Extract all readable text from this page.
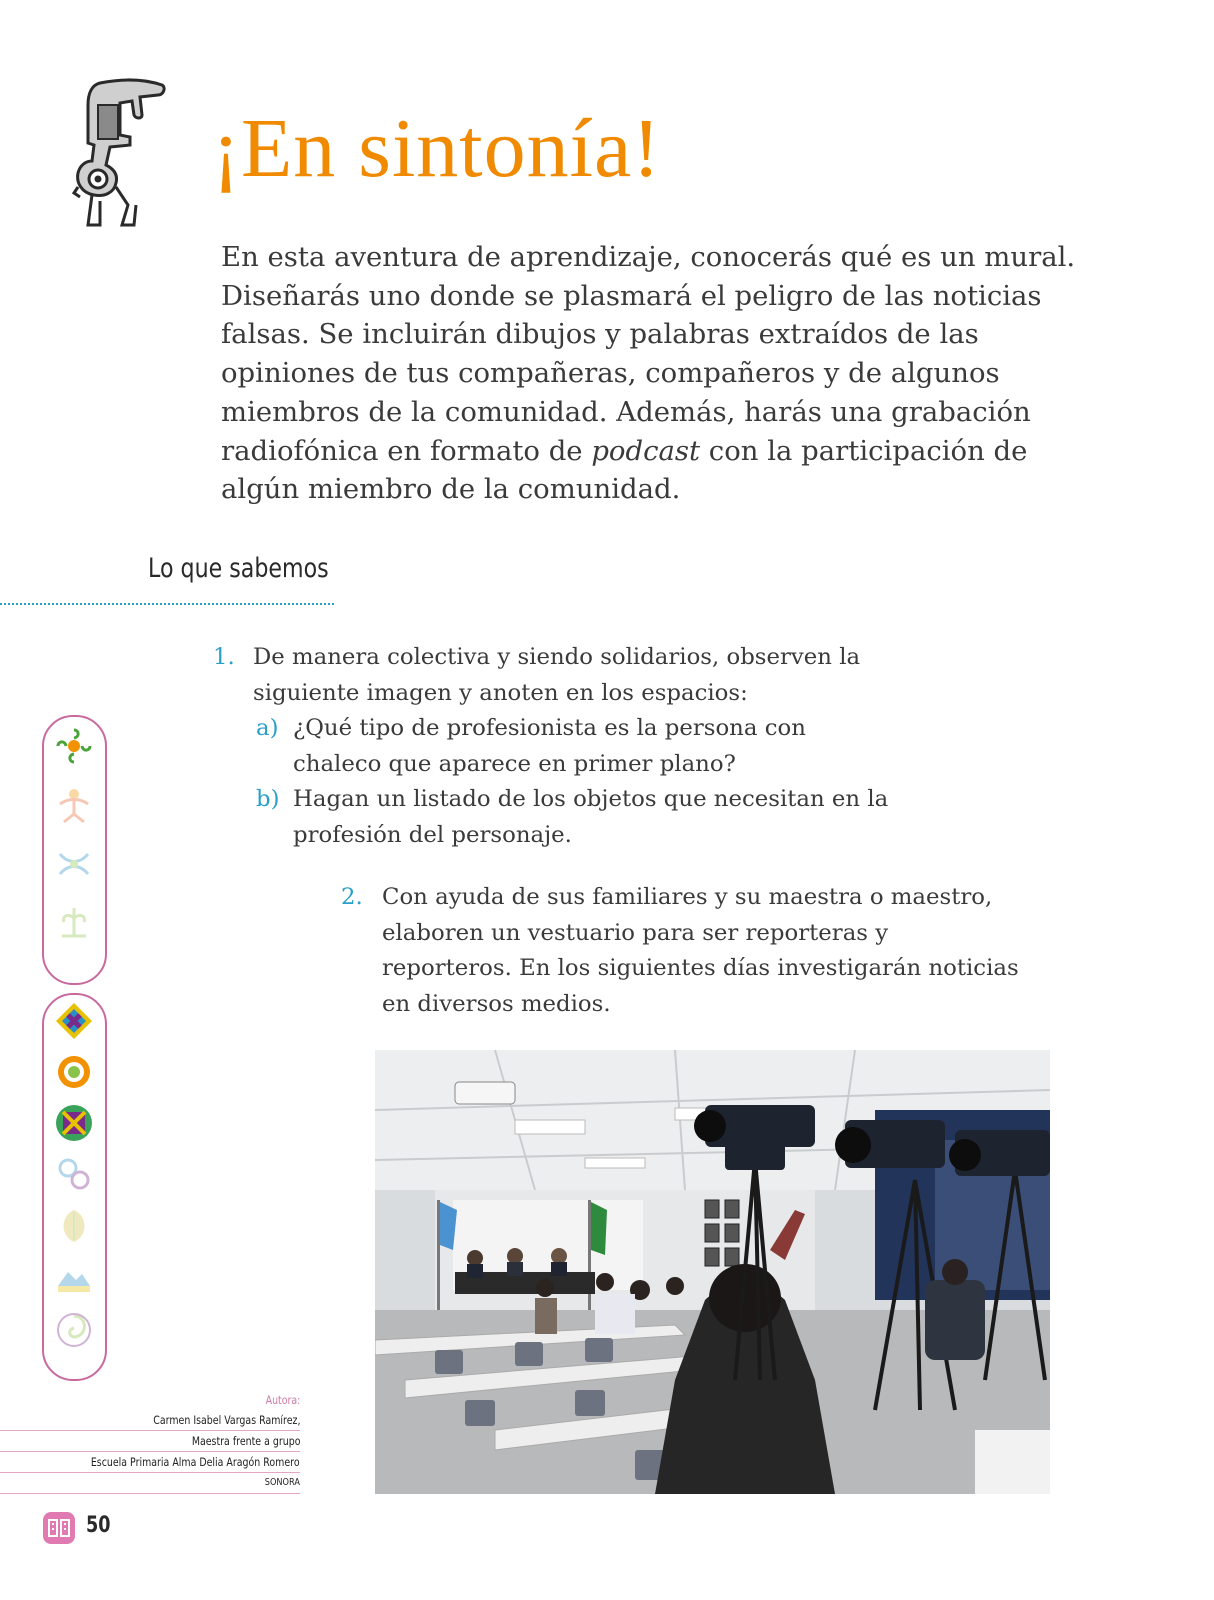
¡En sintonía!

En esta aventura de aprendizaje, conocerás qué es un mural. Diseñarás uno donde se plasmará el peligro de las noticias falsas. Se incluirán dibujos y palabras extraídos de las opiniones de tus compañeras, compañeros y de algunos miembros de la comunidad. Además, harás una grabación radiofónica en formato de podcast con la participación de algún miembro de la comunidad.

Lo que sabemos
1. De manera colectiva y siendo solidarios, observen la siguiente imagen y anoten en los espacios:
a) ¿Qué tipo de profesionista es la persona con chaleco que aparece en primer plano?
b) Hagan un listado de los objetos que necesitan en la profesión del personaje.
2. Con ayuda de sus familiares y su maestra o maestro, elaboren un vestuario para ser reporteras y reporteros. En los siguientes días investigarán noticias en diversos medios.
Autora:
Carmen Isabel Vargas Ramírez,
Maestra frente a grupo
Escuela Primaria Alma Delia Aragón Romero
SONORA
50
